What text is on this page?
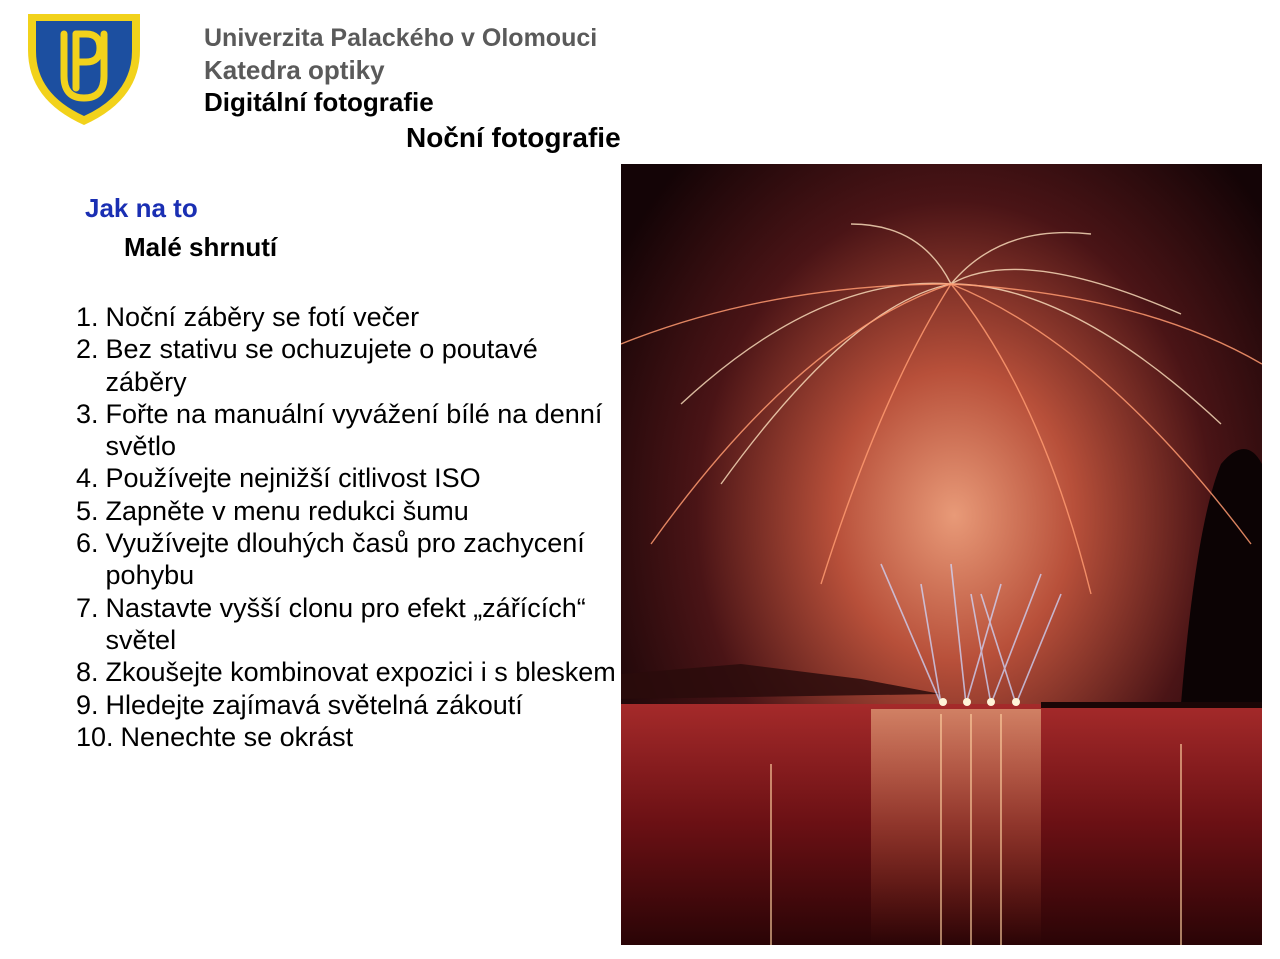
Univerzita Palackého v Olomouci
Katedra optiky
Digitální fotografie
Noční fotografie
Jak na to
Malé shrnutí
1. Noční záběry se fotí večer
2. Bez stativu se ochuzujete o poutavé záběry
3. Fořte na manuální vyvážení bílé na denní světlo
4. Používejte nejnižší citlivost ISO
5. Zapněte v menu redukci šumu
6. Využívejte dlouhých časů pro zachycení pohybu
7. Nastavte vyšší clonu pro efekt „zářících“ světel
8. Zkoušejte kombinovat expozici i s bleskem
9. Hledejte zajímavá světelná zákoutí
10. Nenechte se okrást
